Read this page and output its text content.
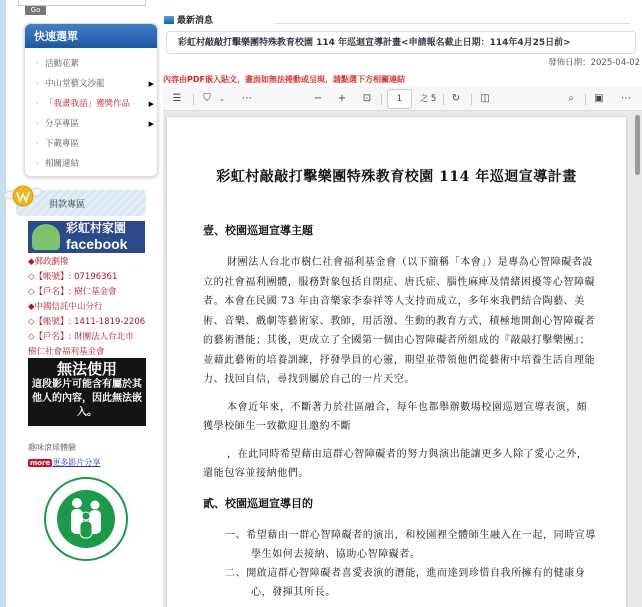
Go
快速選單
· 活動花絮
· 中山堂藝文沙龍	▶
· 「我畫我話」獲獎作品	▶
· 分享專區	▶
· 下載專區
· 相關連結
捐款專區
彩虹村家園
facebook
◆郵政劃撥
◇【帳號】: 07196361
◇【戶名】: 樹仁基金會
◆中國信託中山分行
◇【帳號】: 1411-1819-2206
◇【戶名】: 財團法人台北市
樹仁社會福利基金會
無法使用
這段影片可能含有屬於其他人的內容，因此無法嵌入。
趣味滾球體驗
more 更多影片分享
最新消息
彩虹村敲敲打擊樂團特殊教育校園 114 年巡迴宣導計畫<申請報名截止日期：114年4月25日前>
發佈日期：2025-04-02
內容由PDF嵌入貼文，畫面如無法捲動或呈現，請點選下方相關連結
☰	⛉	⌄	⋯	− +	⊡	1	之 5	↻	◫	⌕	▣	⋯
彩虹村敲敲打擊樂團特殊教育校園 114 年巡迴宣導計畫
壹、校園巡迴宣導主題
財團法人台北市樹仁社會福利基金會（以下簡稱「本會」）是專為心智障礙者設立的社會福利團體，服務對象包括自閉症、唐氏症、腦性麻痺及情緒困擾等心智障礙者。本會在民國 73 年由音樂家李泰祥等人支持而成立，多年來我們結合陶藝、美術、音樂、戲劇等藝術家、教師，用活潑、生動的教育方式，積極地開創心智障礙者的藝術潛能；其後，更成立了全國第一個由心智障礙者所組成的『敲敲打擊樂團』；並藉此藝術的培養訓練，抒發學員的心靈，期望並帶領他們從藝術中培養生活自理能力、找回自信，尋找到屬於自己的一片天空。
本會近年來，不斷著力於社區融合，每年也都舉辦數場校園巡迴宣導表演，頗獲學校師生一致歡迎且邀約不斷
，在此同時希望藉由這群心智障礙者的努力與演出能讓更多人除了愛心之外，還能包容並接納他們。
貳、校園巡迴宣導目的
一、希望藉由一群心智障礙者的演出，和校園裡全體師生融入在一起，同時宣導學生如何去接納、協助心智障礙者。
二、開啟這群心智障礙者喜愛表演的潛能，進而達到珍惜自我所擁有的健康身心，發揮其所長。
